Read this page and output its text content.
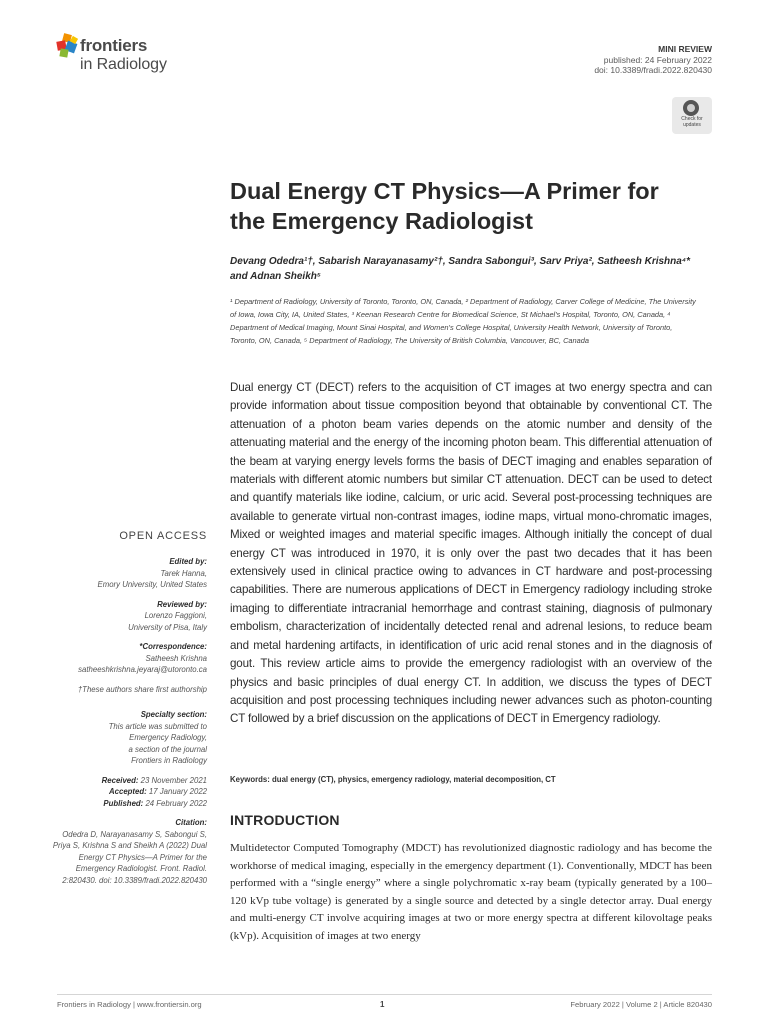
frontiers
in Radiology
MINI REVIEW
published: 24 February 2022
doi: 10.3389/fradi.2022.820430
Check for
updates
Dual Energy CT Physics—A Primer for the Emergency Radiologist
Devang Odedra¹†, Sabarish Narayanasamy²†, Sandra Sabongui³, Sarv Priya², Satheesh Krishna⁴* and Adnan Sheikh⁵
¹ Department of Radiology, University of Toronto, Toronto, ON, Canada, ² Department of Radiology, Carver College of Medicine, The University of Iowa, Iowa City, IA, United States, ³ Keenan Research Centre for Biomedical Science, St Michael's Hospital, Toronto, ON, Canada, ⁴ Department of Medical Imaging, Mount Sinai Hospital, and Women's College Hospital, University Health Network, University of Toronto, Toronto, ON, Canada, ⁵ Department of Radiology, The University of British Columbia, Vancouver, BC, Canada
Dual energy CT (DECT) refers to the acquisition of CT images at two energy spectra and can provide information about tissue composition beyond that obtainable by conventional CT. The attenuation of a photon beam varies depends on the atomic number and density of the attenuating material and the energy of the incoming photon beam. This differential attenuation of the beam at varying energy levels forms the basis of DECT imaging and enables separation of materials with different atomic numbers but similar CT attenuation. DECT can be used to detect and quantify materials like iodine, calcium, or uric acid. Several post-processing techniques are available to generate virtual non-contrast images, iodine maps, virtual mono-chromatic images, Mixed or weighted images and material specific images. Although initially the concept of dual energy CT was introduced in 1970, it is only over the past two decades that it has been extensively used in clinical practice owing to advances in CT hardware and post-processing capabilities. There are numerous applications of DECT in Emergency radiology including stroke imaging to differentiate intracranial hemorrhage and contrast staining, diagnosis of pulmonary embolism, characterization of incidentally detected renal and adrenal lesions, to reduce beam and metal hardening artifacts, in identification of uric acid renal stones and in the diagnosis of gout. This review article aims to provide the emergency radiologist with an overview of the physics and basic principles of dual energy CT. In addition, we discuss the types of DECT acquisition and post processing techniques including newer advances such as photon-counting CT followed by a brief discussion on the applications of DECT in Emergency radiology.
Keywords: dual energy (CT), physics, emergency radiology, material decomposition, CT
INTRODUCTION
Multidetector Computed Tomography (MDCT) has revolutionized diagnostic radiology and has become the workhorse of medical imaging, especially in the emergency department (1). Conventionally, MDCT has been performed with a “single energy” where a single polychromatic x-ray beam (typically generated by a 100–120 kVp tube voltage) is generated by a single source and detected by a single detector array. Dual energy and multi-energy CT involve acquiring images at two or more energy spectra at different kilovoltage peaks (kVp). Acquisition of images at two energy
OPEN ACCESS
Edited by:
Tarek Hanna,
Emory University, United States
Reviewed by:
Lorenzo Faggioni,
University of Pisa, Italy
*Correspondence:
Satheesh Krishna
satheeshkrishna.jeyaraj@utoronto.ca
†These authors share first authorship
Specialty section:
This article was submitted to
Emergency Radiology,
a section of the journal
Frontiers in Radiology
Received: 23 November 2021
Accepted: 17 January 2022
Published: 24 February 2022
Citation:
Odedra D, Narayanasamy S, Sabongui S, Priya S, Krishna S and Sheikh A (2022) Dual Energy CT Physics—A Primer for the Emergency Radiologist. Front. Radiol. 2:820430. doi: 10.3389/fradi.2022.820430
Frontiers in Radiology | www.frontiersin.org	1	February 2022 | Volume 2 | Article 820430
